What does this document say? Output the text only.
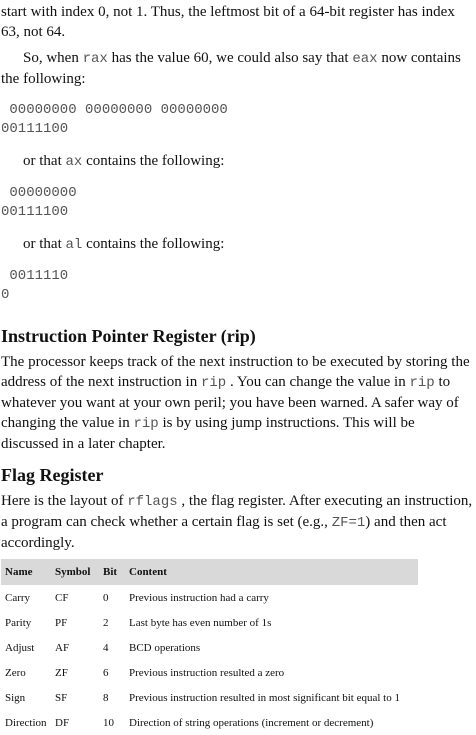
start with index 0, not 1. Thus, the leftmost bit of a 64-bit register has index

63, not 64.

So, when rax has the value 60, we could also say that eax now contains the following:

00000000 00000000 00000000
00111100

or that ax contains the following:

00000000
00111100

or that al contains the following:

0011110
0
Instruction Pointer Register (rip)

The processor keeps track of the next instruction to be executed by storing the address of the next instruction in rip . You can change the value in rip to whatever you want at your own peril; you have been warned. A safer way of changing the value in rip is by using jump instructions. This will be discussed in a later chapter.

Flag Register

Here is the layout of rflags , the flag register. After executing an instruction, a program can check whether a certain flag is set (e.g., ZF=1) and then act accordingly.

Name	Symbol	Bit	Content
Carry	CF	0	Previous instruction had a carry
Parity	PF	2	Last byte has even number of 1s
Adjust	AF	4	BCD operations
Zero	ZF	6	Previous instruction resulted a zero
Sign	SF	8	Previous instruction resulted in most significant bit equal to 1
Direction	DF	10	Direction of string operations (increment or decrement)
